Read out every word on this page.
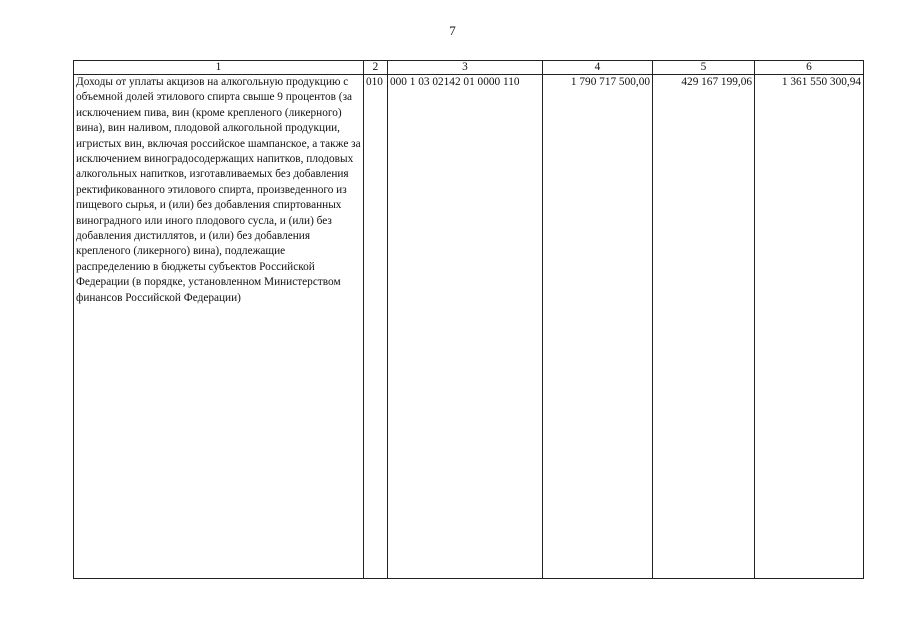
7
1	2	3	4	5	6
Доходы от уплаты акцизов на алкогольную продукцию с объемной долей этилового спирта свыше 9 процентов (за исключением пива, вин (кроме крепленого (ликерного) вина), вин наливом, плодовой алкогольной продукции, игристых вин, включая российское шампанское, а также за исключением виноградосодержащих напитков, плодовых алкогольных напитков, изготавливаемых без добавления ректификованного этилового спирта, произведенного из пищевого сырья, и (или) без добавления спиртованных виноградного или иного плодового сусла, и (или) без добавления дистиллятов, и (или) без добавления крепленого (ликерного) вина), подлежащие распределению в бюджеты субъектов Российской Федерации (в порядке, установленном Министерством финансов Российской Федерации)	010	000 1 03 02142 01 0000 110	1 790 717 500,00	429 167 199,06	1 361 550 300,94
